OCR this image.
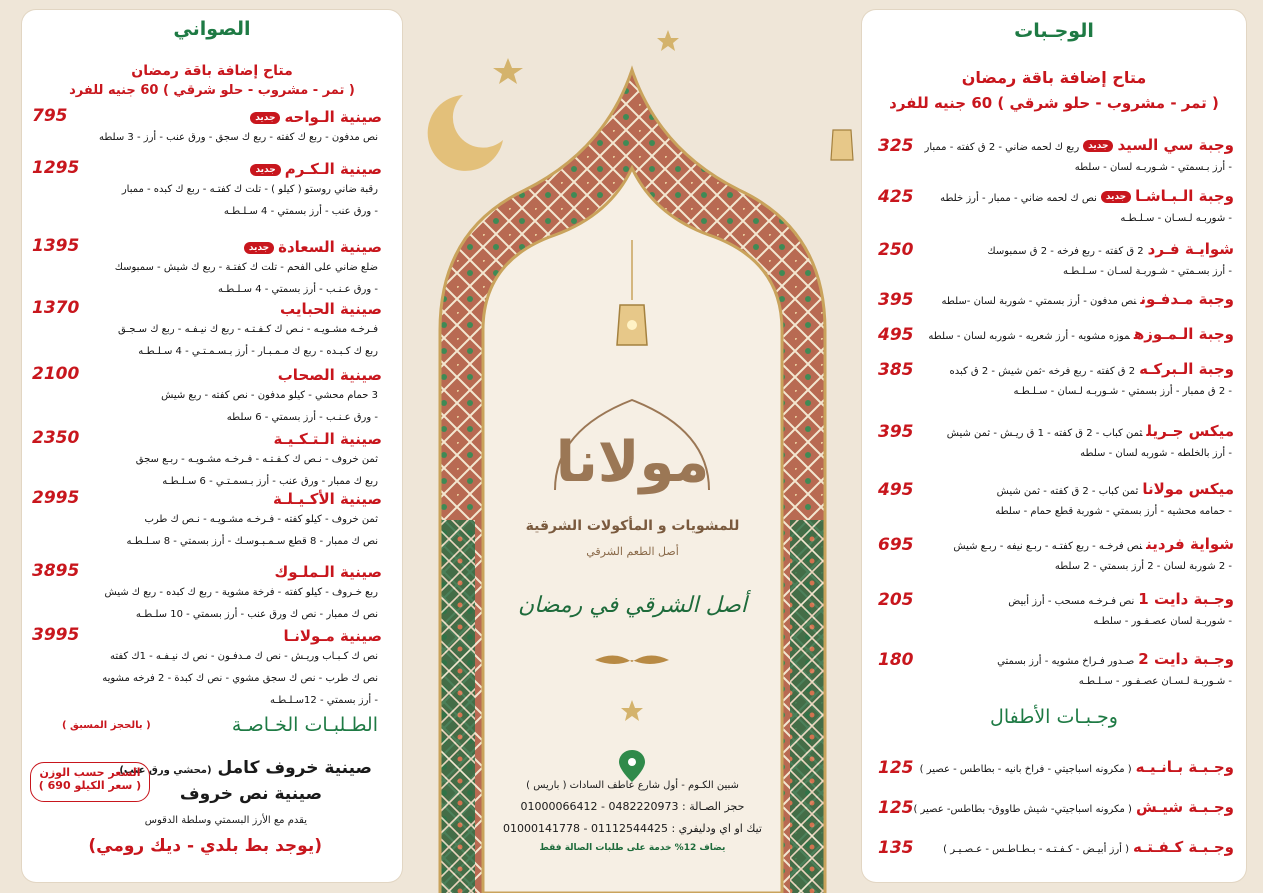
الصواني
متاح إضافة باقة رمضان
( تمر - مشروب - حلو شرقي ) 60 جنيه للفرد
صينية الـواحهجديد
795
نص مدفون - ربع ك كفته - ربع ك سجق - ورق عنب - أرز - 3 سلطه
صينية الـكـرمجديد
1295
رقبة ضاني روستو ( كيلو ) - تلت ك كفتـه - ربع ك كبده - ممبار
- ورق عنب - أرز بسمتي - 4 سـلـطـه
صينية السعادةجديد
1395
ضلع ضاني على الفحم - تلت ك كفتـة - ربع ك شيش - سمبوسك
- ورق عـنـب - أرز بسمتي - 4 سـلـطـه
صينية الحبايب
1370
فـرخـه مشـويـه - نـص ك كـفـتـه - ربع ك نيـفـه - ربع ك سـجـق
ربع ك كـبـده - ربع ك مـمـبـار - أرز بـسـمـتـي - 4 سـلـطـه
صينية الصحاب
2100
3 حمام محشي - كيلو مدفون - نص كفته - ربع شيش
- ورق عـنـب - أرز بسمتي - 6 سلطه
صينية الـتـكـيـة
2350
ثمن خروف - نـص ك كـفـتـه - فـرخـه مشـويـه - ربـع سجق
ربع ك ممبار - ورق عنب - أرز بـسمـتـي - 6 سـلـطـه
صينية الأكـيـلـة
2995
ثمن خروف - كيلو كفته - فـرخـه مشـويـه - نـص ك طرب
نص ك ممبار - 8 قطع سـمـبـوسـك - أرز بسمتي - 8 سـلـطـه
صينية الـملـوك
3895
ربع خـروف - كيلو كفته - فرخة مشوية - ربع ك كبده - ربع ك شيش
نص ك ممبار - نص ك ورق عنب - أرز بسمتي - 10 سلـطـه
صينية مـولانـا
3995
نص ك كـبـاب وريـش - نص ك مـدفـون - نص ك نيـفـه - 1ك كفته
نص ك طرب - نص ك سجق مشوي - نص ك كبدة - 2 فرخه مشويه
- أرز بسمتي - 12سـلـطـه
الطـلبـات الخـاصـة
( بالحجز المسبق )
صينية خروف كامل (محشي ورق عنب)
صينية نص خروف
السعر حسب الوزن
( سعر الكيلو 690 )
يقدم مع الأرز البسمتي وسلطة الدقوس
(يوجد بط بلدي - ديك رومي)
مولانا
للمشويات و المأكولات الشرقية
أصل الطعم الشرقي
أصل الشرقي في رمضان
شبين الكـوم - أول شارع عاطف السادات ( باريس )
حجز الصـالة : 0482220973 - 01000066412
تيك او اي ودليفري : 01112544425 - 01000141778
يضاف 12% خدمة على طلبات الصالة فقط
الوجـبات
متاح إضافة باقة رمضان
( تمر - مشروب - حلو شرقي ) 60 جنيه للفرد
وجبة سي السيدجديدربع ك لحمه ضاني - 2 ق كفته - ممبار
325
- أرز بـسمتي - شـوربـه لسان - سلطه
وجبة الـبـاشـاجديدنص ك لحمه ضاني - ممبار - أرز خلطه
425
- شوربـه لـسـان - سـلـطـه
شوايـة فـرد2 ق كفته - ربع فرخه - 2 ق سمبوسك
250
- أرز بسـمتي - شـوربـة لسـان - سـلـطـه
وجبة مـدفـوننص مدفون - أرز بسمتي - شوربة لسان -سلطه
395
وجبة الـمـوزهموزه مشويه - أرز شعريه - شوربه لسان - سلطه
495
وجبة الـبركـه2 ق كفته - ربع فرخه -ثمن شيش - 2 ق كبده
385
- 2 ق ممبار - أرز بسمتي - شـوربـه لـسان - سـلـطـه
ميكس جـريلثمن كباب - 2 ق كفته - 1 ق ريـش - ثمن شيش
395
- أرز بالخلطه - شوربه لسان - سلطه
ميكس مولاناثمن كباب - 2 ق كفته - ثمن شيش
495
- حمامه محشيه - أرز بسمتي - شوربة قطع حمام - سلطه
شواية فرديننص فرخـه - ربع كفتـه - ربـع نيفه - ربـع شيش
695
- 2 شوربة لسان - 2 أرز بسمتي - 2 سلطه
وجـبة دايت 1نص فـرخـه مسحب - أرز أبيض
205
- شوربـة لسان عصـفـور - سلطـه
وجـبة دايت 2صـدور فـراخ مشويه - أرز بسمتي
180
- شـوربـة لـسـان عصـفـور - سـلـطـه
وجـبـات الأطفال
وجـبـة بـانـيـه( مكرونه اسباجيتي - فراخ بانيه - بطاطس - عصير )
125
وجـبـة شيـش( مكرونه اسباجيتي- شيش طاووق- بطاطس- عصير )
125
وجـبـة كـفـتـه( أرز أبيـض - كـفـتـه - بـطـاطـس - عـصـيـر )
135
